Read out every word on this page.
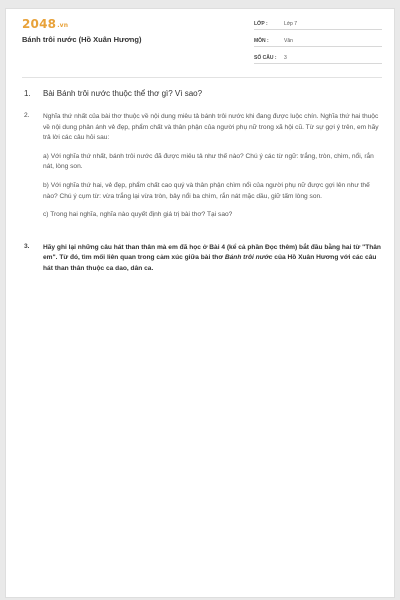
2048.vn
Bánh trôi nước (Hồ Xuân Hương)
LỚP :	Lớp 7
MÔN :	Văn
SỐ CÂU :	3
1.	Bài Bánh trôi nước thuộc thể thơ gì? Vì sao?
2.	Nghĩa thứ nhất của bài thơ thuộc về nội dung miêu tả bánh trôi nước khi đang được luộc chín. Nghĩa thứ hai thuộc về nội dung phản ánh vẻ đẹp, phẩm chất và thân phận của người phụ nữ trong xã hội cũ. Từ sự gợi ý trên, em hãy trả lời các câu hỏi sau:

a) Với nghĩa thứ nhất, bánh trôi nước đã được miêu tả như thế nào? Chú ý các từ ngữ: trắng, tròn, chìm, nổi, rắn nát, lòng son.

b) Với nghĩa thứ hai, vẻ đẹp, phẩm chất cao quý và thân phận chìm nổi của người phụ nữ được gợi lên như thế nào? Chú ý cụm từ: vừa trắng lại vừa tròn, bảy nổi ba chìm, rắn nát mặc dầu, giữ tấm lòng son.

c) Trong hai nghĩa, nghĩa nào quyết định giá trị bài thơ? Tại sao?

3.	Hãy ghi lại những câu hát than thân mà em đã học ở Bài 4 (kể cả phần Đọc thêm) bắt đầu bằng hai từ "Thân em". Từ đó, tìm mối liên quan trong cảm xúc giữa bài thơ Bánh trôi nước của Hồ Xuân Hương với các câu hát than thân thuộc ca dao, dân ca.
